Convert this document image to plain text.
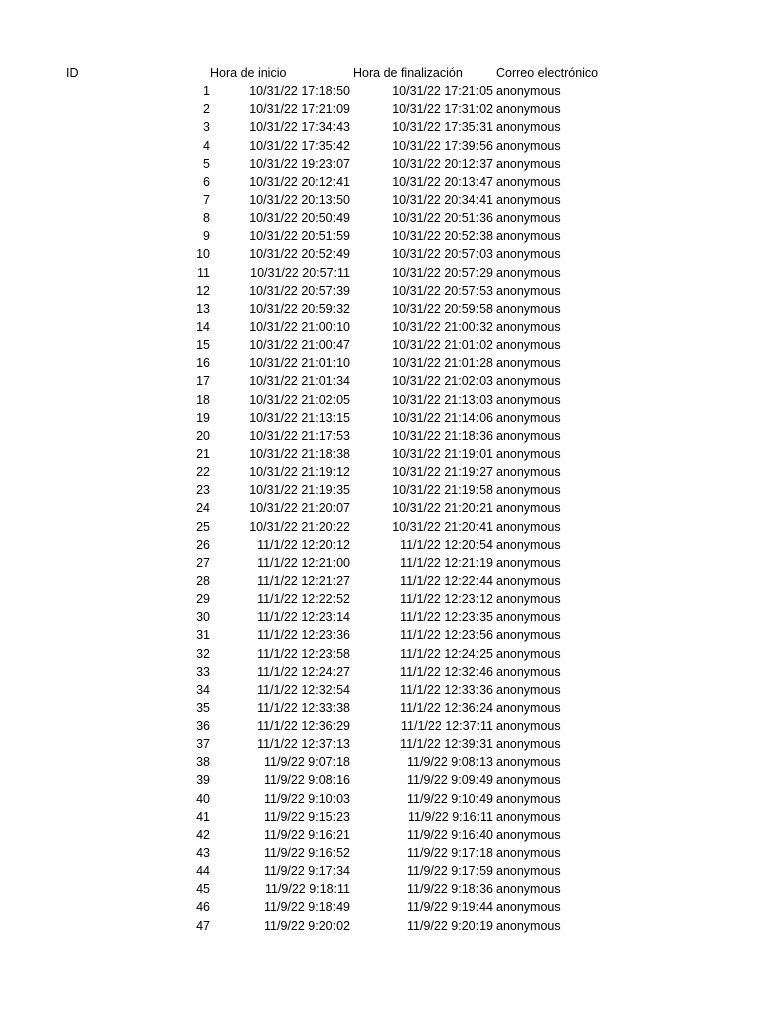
ID	Hora de inicio	Hora de finalización	Correo electrónico
1	10/31/22 17:18:50	10/31/22 17:21:05 anonymous
2	10/31/22 17:21:09	10/31/22 17:31:02 anonymous
3	10/31/22 17:34:43	10/31/22 17:35:31 anonymous
4	10/31/22 17:35:42	10/31/22 17:39:56 anonymous
5	10/31/22 19:23:07	10/31/22 20:12:37 anonymous
6	10/31/22 20:12:41	10/31/22 20:13:47 anonymous
7	10/31/22 20:13:50	10/31/22 20:34:41 anonymous
8	10/31/22 20:50:49	10/31/22 20:51:36 anonymous
9	10/31/22 20:51:59	10/31/22 20:52:38 anonymous
10	10/31/22 20:52:49	10/31/22 20:57:03 anonymous
11	10/31/22 20:57:11	10/31/22 20:57:29 anonymous
12	10/31/22 20:57:39	10/31/22 20:57:53 anonymous
13	10/31/22 20:59:32	10/31/22 20:59:58 anonymous
14	10/31/22 21:00:10	10/31/22 21:00:32 anonymous
15	10/31/22 21:00:47	10/31/22 21:01:02 anonymous
16	10/31/22 21:01:10	10/31/22 21:01:28 anonymous
17	10/31/22 21:01:34	10/31/22 21:02:03 anonymous
18	10/31/22 21:02:05	10/31/22 21:13:03 anonymous
19	10/31/22 21:13:15	10/31/22 21:14:06 anonymous
20	10/31/22 21:17:53	10/31/22 21:18:36 anonymous
21	10/31/22 21:18:38	10/31/22 21:19:01 anonymous
22	10/31/22 21:19:12	10/31/22 21:19:27 anonymous
23	10/31/22 21:19:35	10/31/22 21:19:58 anonymous
24	10/31/22 21:20:07	10/31/22 21:20:21 anonymous
25	10/31/22 21:20:22	10/31/22 21:20:41 anonymous
26	11/1/22 12:20:12	11/1/22 12:20:54 anonymous
27	11/1/22 12:21:00	11/1/22 12:21:19 anonymous
28	11/1/22 12:21:27	11/1/22 12:22:44 anonymous
29	11/1/22 12:22:52	11/1/22 12:23:12 anonymous
30	11/1/22 12:23:14	11/1/22 12:23:35 anonymous
31	11/1/22 12:23:36	11/1/22 12:23:56 anonymous
32	11/1/22 12:23:58	11/1/22 12:24:25 anonymous
33	11/1/22 12:24:27	11/1/22 12:32:46 anonymous
34	11/1/22 12:32:54	11/1/22 12:33:36 anonymous
35	11/1/22 12:33:38	11/1/22 12:36:24 anonymous
36	11/1/22 12:36:29	11/1/22 12:37:11 anonymous
37	11/1/22 12:37:13	11/1/22 12:39:31 anonymous
38	11/9/22 9:07:18	11/9/22 9:08:13 anonymous
39	11/9/22 9:08:16	11/9/22 9:09:49 anonymous
40	11/9/22 9:10:03	11/9/22 9:10:49 anonymous
41	11/9/22 9:15:23	11/9/22 9:16:11 anonymous
42	11/9/22 9:16:21	11/9/22 9:16:40 anonymous
43	11/9/22 9:16:52	11/9/22 9:17:18 anonymous
44	11/9/22 9:17:34	11/9/22 9:17:59 anonymous
45	11/9/22 9:18:11	11/9/22 9:18:36 anonymous
46	11/9/22 9:18:49	11/9/22 9:19:44 anonymous
47	11/9/22 9:20:02	11/9/22 9:20:19 anonymous
